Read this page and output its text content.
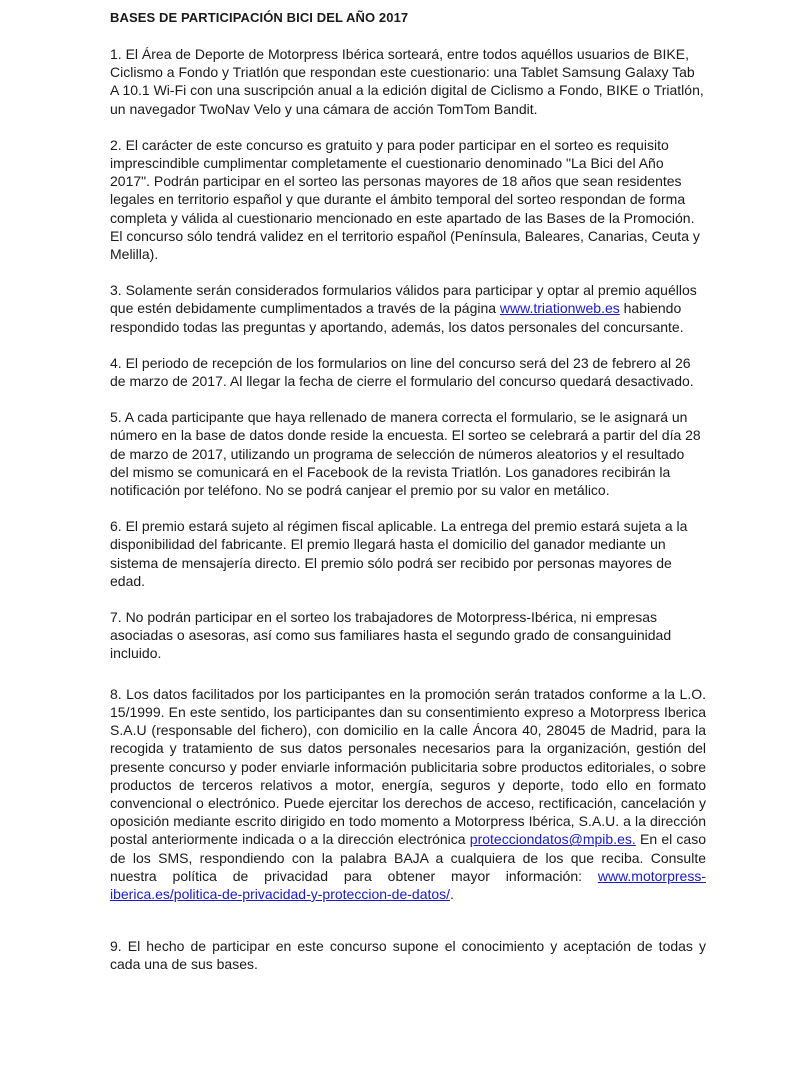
BASES DE PARTICIPACIÓN BICI DEL AÑO 2017

1. El Área de Deporte de Motorpress Ibérica sorteará, entre todos aquéllos usuarios de BIKE, Ciclismo a Fondo y Triatlón que respondan este cuestionario: una Tablet Samsung Galaxy Tab A 10.1 Wi-Fi con una suscripción anual a la edición digital de Ciclismo a Fondo, BIKE o Triatlón, un navegador TwoNav Velo y una cámara de acción TomTom Bandit.

2. El carácter de este concurso es gratuito y para poder participar en el sorteo es requisito imprescindible cumplimentar completamente el cuestionario denominado "La Bici del Año 2017". Podrán participar en el sorteo las personas mayores de 18 años que sean residentes legales en territorio español y que durante el ámbito temporal del sorteo respondan de forma completa y válida al cuestionario mencionado en este apartado de las Bases de la Promoción. El concurso sólo tendrá validez en el territorio español (Península, Baleares, Canarias, Ceuta y Melilla).

3. Solamente serán considerados formularios válidos para participar y optar al premio aquéllos que estén debidamente cumplimentados a través de la página www.triationweb.es habiendo respondido todas las preguntas y aportando, además, los datos personales del concursante.

4. El periodo de recepción de los formularios on line del concurso será del 23 de febrero al 26 de marzo de 2017. Al llegar la fecha de cierre el formulario del concurso quedará desactivado.

5. A cada participante que haya rellenado de manera correcta el formulario, se le asignará un número en la base de datos donde reside la encuesta. El sorteo se celebrará a partir del día 28 de marzo de 2017, utilizando un programa de selección de números aleatorios y el resultado del mismo se comunicará en el Facebook de la revista Triatlón. Los ganadores recibirán la notificación por teléfono. No se podrá canjear el premio por su valor en metálico.

6. El premio estará sujeto al régimen fiscal aplicable. La entrega del premio estará sujeta a la disponibilidad del fabricante. El premio llegará hasta el domicilio del ganador mediante un sistema de mensajería directo. El premio sólo podrá ser recibido por personas mayores de edad.

7. No podrán participar en el sorteo los trabajadores de Motorpress-Ibérica, ni empresas asociadas o asesoras, así como sus familiares hasta el segundo grado de consanguinidad incluido.

8. Los datos facilitados por los participantes en la promoción serán tratados conforme a la L.O. 15/1999. En este sentido, los participantes dan su consentimiento expreso a Motorpress Iberica S.A.U (responsable del fichero), con domicilio en la calle Áncora 40, 28045 de Madrid, para la recogida y tratamiento de sus datos personales necesarios para la organización, gestión del presente concurso y poder enviarle información publicitaria sobre productos editoriales, o sobre productos de terceros relativos a motor, energía, seguros y deporte, todo ello en formato convencional o electrónico. Puede ejercitar los derechos de acceso, rectificación, cancelación y oposición mediante escrito dirigido en todo momento a Motorpress Ibérica, S.A.U. a la dirección postal anteriormente indicada o a la dirección electrónica protecciondatos@mpib.es. En el caso de los SMS, respondiendo con la palabra BAJA a cualquiera de los que reciba. Consulte nuestra política de privacidad para obtener mayor información: www.motorpress-iberica.es/politica-de-privacidad-y-proteccion-de-datos/.

9. El hecho de participar en este concurso supone el conocimiento y aceptación de todas y cada una de sus bases.
